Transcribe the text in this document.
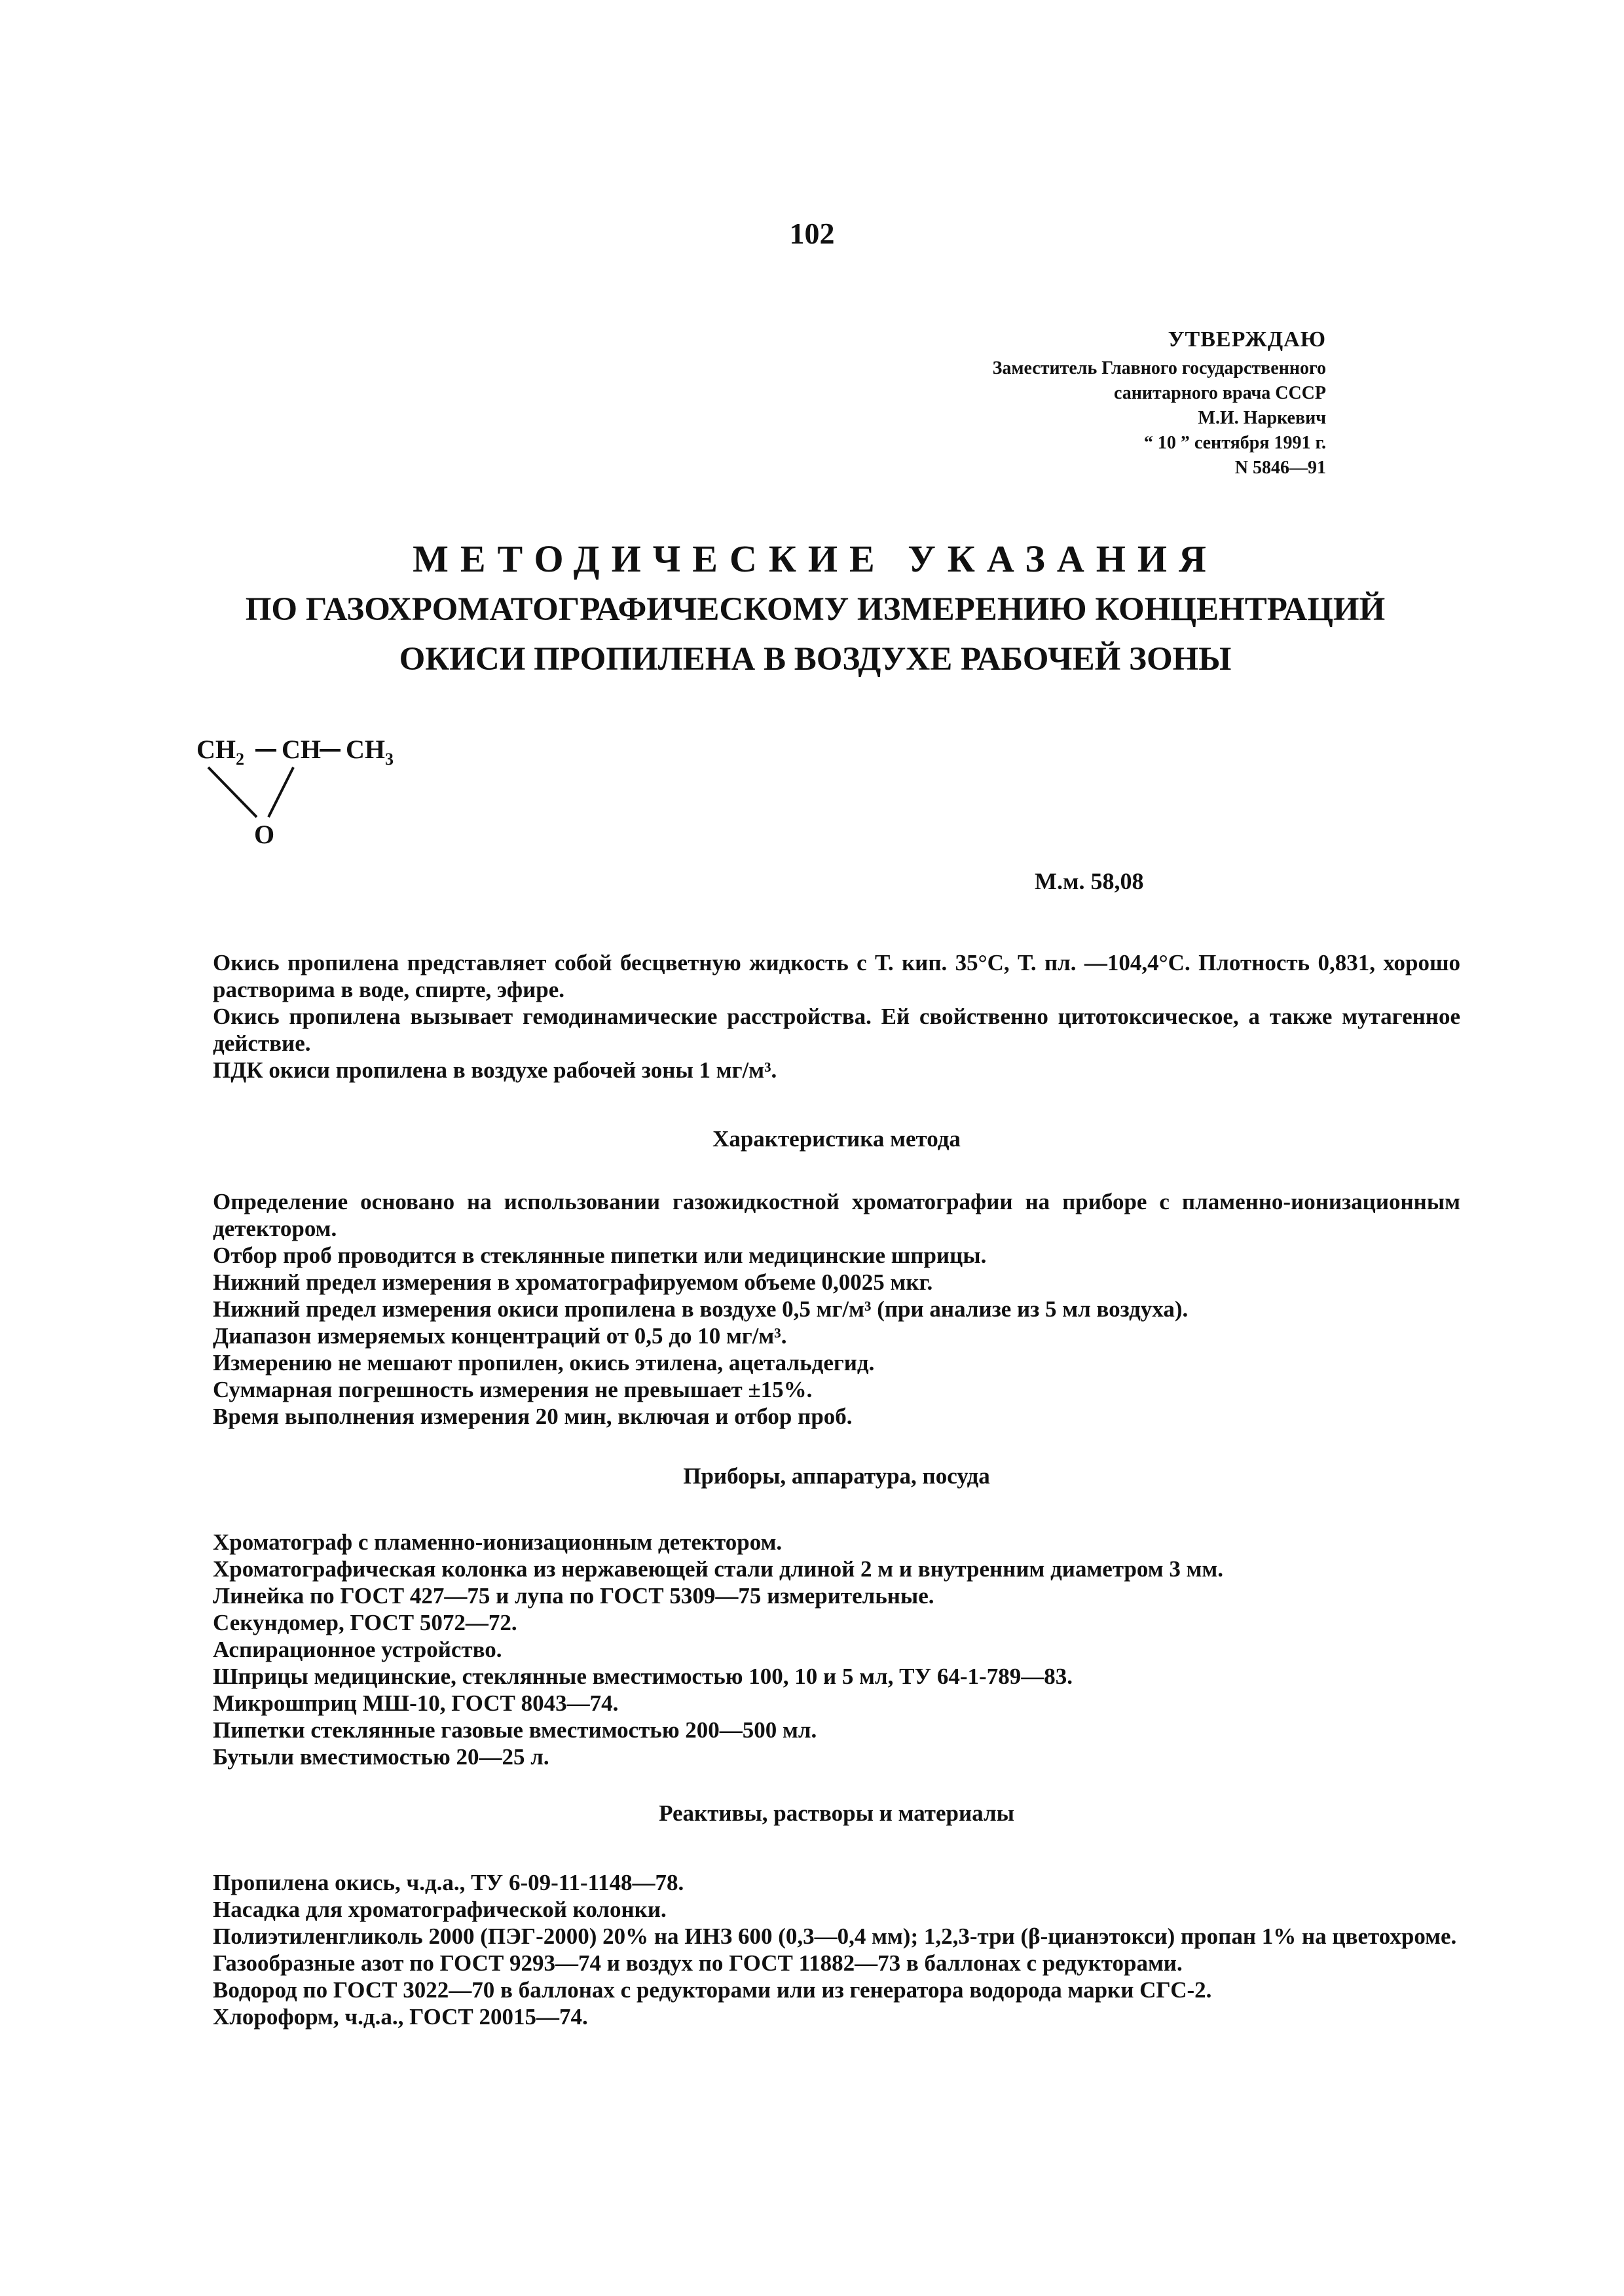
102
УТВЕРЖДАЮ
Заместитель Главного государственного
санитарного врача СССР
М.И. Наркевич
“ 10 ” сентября 1991 г.
N 5846—91
МЕТОДИЧЕСКИЕ УКАЗАНИЯ
ПО ГАЗОХРОМАТОГРАФИЧЕСКОМУ ИЗМЕРЕНИЮ КОНЦЕНТРАЦИЙ
ОКИСИ ПРОПИЛЕНА В ВОЗДУХЕ РАБОЧЕЙ ЗОНЫ
$CH_2$ CH $CH_3$
O
М.м. 58,08

Окись пропилена представляет собой бесцветную жидкость с Т. кип. 35°С, Т. пл. —104,4°С. Плотность 0,831, хорошо растворима в воде, спирте, эфире.

Окись пропилена вызывает гемодинамические расстройства. Ей свойственно цитотоксическое, а также мутагенное действие.

ПДК окиси пропилена в воздухе рабочей зоны 1 мг/м³.

Характеристика метода

Определение основано на использовании газожидкостной хроматографии на приборе с пламенно-ионизационным детектором.

Отбор проб проводится в стеклянные пипетки или медицинские шприцы.

Нижний предел измерения в хроматографируемом объеме 0,0025 мкг.

Нижний предел измерения окиси пропилена в воздухе 0,5 мг/м³ (при анализе из 5 мл воздуха).

Диапазон измеряемых концентраций от 0,5 до 10 мг/м³.

Измерению не мешают пропилен, окись этилена, ацетальдегид.

Суммарная погрешность измерения не превышает ±15%.

Время выполнения измерения 20 мин, включая и отбор проб.

Приборы, аппаратура, посуда

Хроматограф с пламенно-ионизационным детектором.

Хроматографическая колонка из нержавеющей стали длиной 2 м и внутренним диаметром 3 мм.

Линейка по ГОСТ 427—75 и лупа по ГОСТ 5309—75 измерительные.

Секундомер, ГОСТ 5072—72.

Аспирационное устройство.

Шприцы медицинские, стеклянные вместимостью 100, 10 и 5 мл, ТУ 64-1-789—83.

Микрошприц МШ-10, ГОСТ 8043—74.

Пипетки стеклянные газовые вместимостью 200—500 мл.

Бутыли вместимостью 20—25 л.

Реактивы, растворы и материалы

Пропилена окись, ч.д.а., ТУ 6-09-11-1148—78.

Насадка для хроматографической колонки.

Полиэтиленгликоль 2000 (ПЭГ-2000) 20% на ИНЗ 600 (0,3—0,4 мм); 1,2,3-три (β-цианэтокси) пропан 1% на цветохроме.

Газообразные азот по ГОСТ 9293—74 и воздух по ГОСТ 11882—73 в баллонах с редукторами.

Водород по ГОСТ 3022—70 в баллонах с редукторами или из генератора водорода марки СГС-2.

Хлороформ, ч.д.а., ГОСТ 20015—74.
